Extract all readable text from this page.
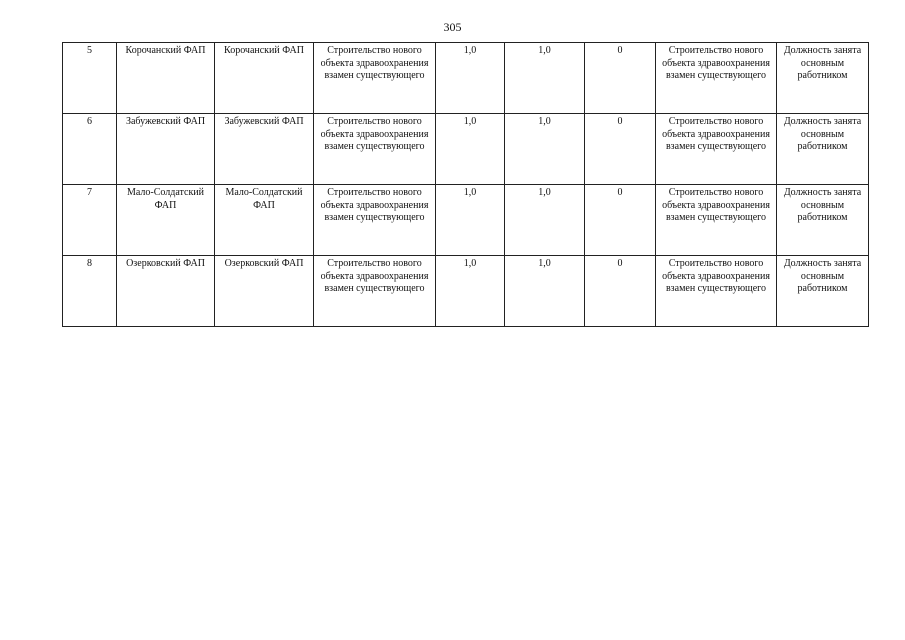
305
5	Корочанский ФАП	Корочанский ФАП	Строительство нового объекта здравоохранения взамен существующего	1,0	1,0	0	Строительство нового объекта здравоохранения взамен существующего	Должность занята основным работником
6	Забужевский ФАП	Забужевский ФАП	Строительство нового объекта здравоохранения взамен существующего	1,0	1,0	0	Строительство нового объекта здравоохранения взамен существующего	Должность занята основным работником
7	Мало-Солдатский ФАП	Мало-Солдатский ФАП	Строительство нового объекта здравоохранения взамен существующего	1,0	1,0	0	Строительство нового объекта здравоохранения взамен существующего	Должность занята основным работником
8	Озерковский ФАП	Озерковский ФАП	Строительство нового объекта здравоохранения взамен существующего	1,0	1,0	0	Строительство нового объекта здравоохранения взамен существующего	Должность занята основным работником
